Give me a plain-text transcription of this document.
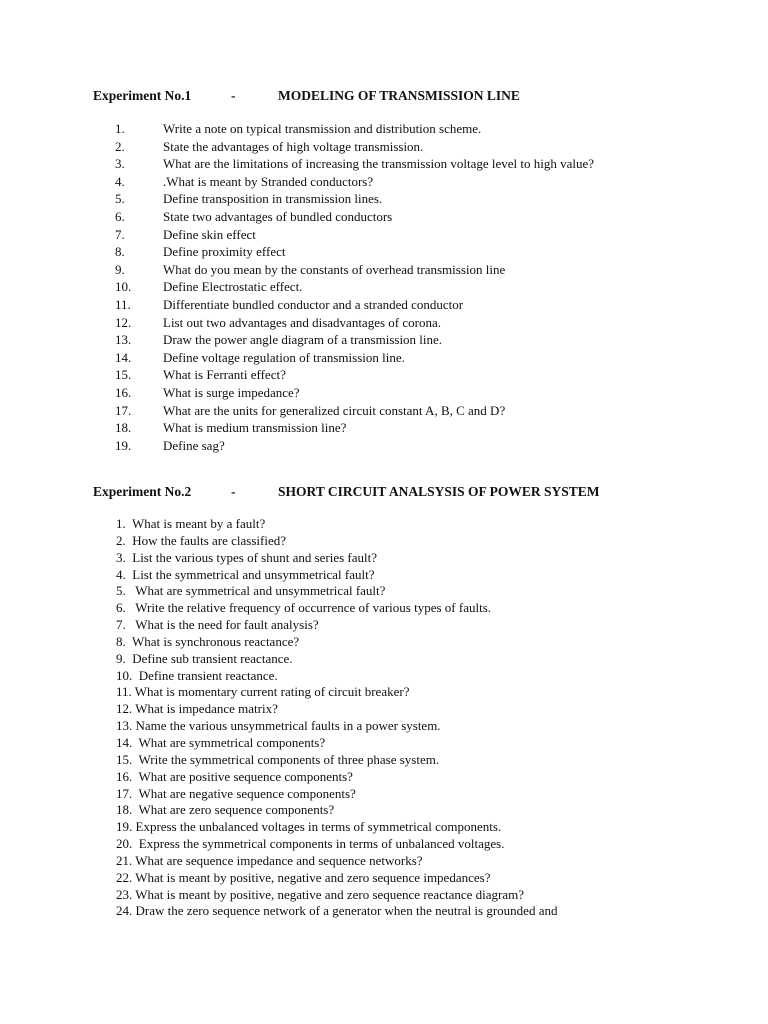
Experiment No.1	-	MODELING OF TRANSMISSION LINE
1.	Write a note on typical transmission and distribution scheme.
2.	State the advantages of high voltage transmission.
3.	What are the limitations of increasing the transmission voltage level to high value?
4.	.What is meant by Stranded conductors?
5.	Define transposition in transmission lines.
6.	State two advantages of bundled conductors
7.	Define skin effect
8.	Define proximity effect
9.	What do you mean by the constants of overhead transmission line
10. Define Electrostatic effect.
11. Differentiate bundled conductor and a stranded conductor
12. List out two advantages and disadvantages of corona.
13. Draw the power angle diagram of a transmission line.
14. Define voltage regulation of transmission line.
15. What is Ferranti effect?
16. What is surge impedance?
17. What are the units for generalized circuit constant A, B, C and D?
18. What is medium transmission line?
19. Define sag?
Experiment No.2	-	SHORT CIRCUIT ANALSYSIS OF POWER SYSTEM
1.  What is meant by a fault?
2.  How the faults are classified?
3.  List the various types of shunt and series fault?
4.  List the symmetrical and unsymmetrical fault?
5.   What are symmetrical and unsymmetrical fault?
6.   Write the relative frequency of occurrence of various types of faults.
7.   What is the need for fault analysis?
8.  What is synchronous reactance?
9.  Define sub transient reactance.
10.  Define transient reactance.
11. What is momentary current rating of circuit breaker?
12. What is impedance matrix?
13. Name the various unsymmetrical faults in a power system.
14.  What are symmetrical components?
15.  Write the symmetrical components of three phase system.
16.  What are positive sequence components?
17.  What are negative sequence components?
18.  What are zero sequence components?
19. Express the unbalanced voltages in terms of symmetrical components.
20.  Express the symmetrical components in terms of unbalanced voltages.
21. What are sequence impedance and sequence networks?
22. What is meant by positive, negative and zero sequence impedances?
23. What is meant by positive, negative and zero sequence reactance diagram?
24. Draw the zero sequence network of a generator when the neutral is grounded and
